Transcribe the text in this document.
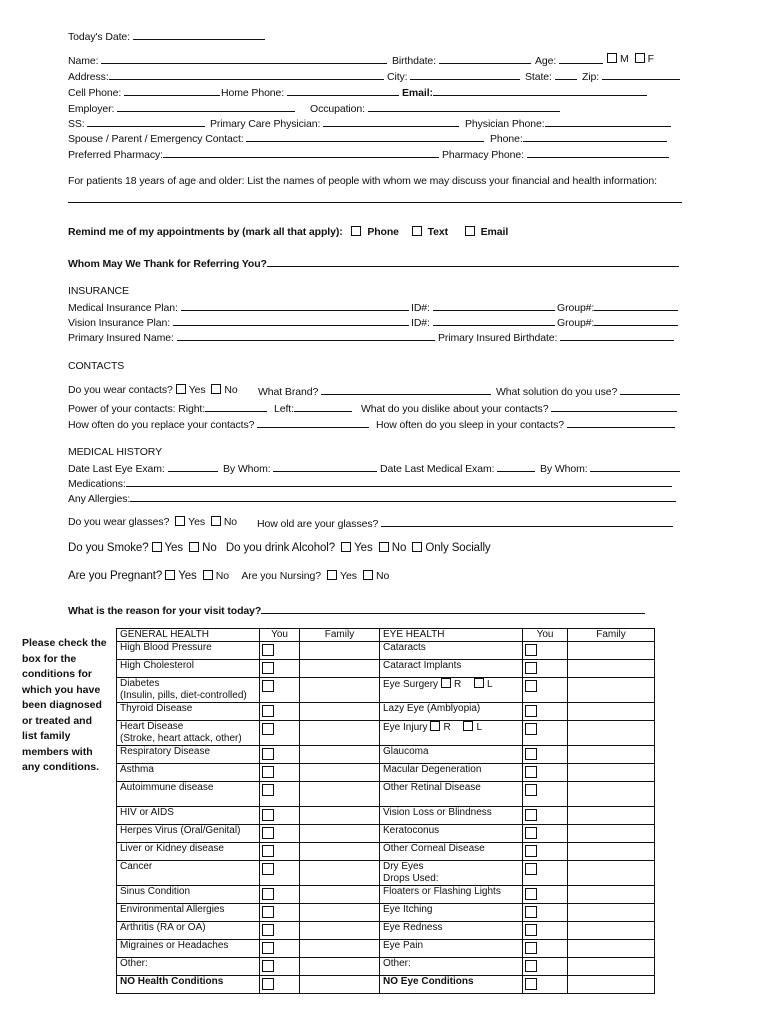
Today's Date:
Name:	Birthdate:	Age:	M F
Address:	City:	State:	Zip:
Cell Phone:	Home Phone:	Email:
Employer:	Occupation:
SS:	Primary Care Physician:	Physician Phone:
Spouse / Parent / Emergency Contact:	Phone:
Preferred Pharmacy:	Pharmacy Phone:
For patients 18 years of age and older: List the names of people with whom we may discuss your financial and health information:
Remind me of my appointments by (mark all that apply): Phone	Text	Email
Whom May We Thank for Referring You?
INSURANCE
Medical Insurance Plan:	ID#:	Group#:
Vision Insurance Plan:	ID#:	Group#:
Primary Insured Name:	Primary Insured Birthdate:
CONTACTS
Do you wear contacts? Yes No What Brand?	What solution do you use?
Power of your contacts: Right:	Left:	What do you dislike about your contacts?
How often do you replace your contacts?	How often do you sleep in your contacts?
MEDICAL HISTORY
Date Last Eye Exam:	By Whom:	Date Last Medical Exam:	By Whom:
Medications:
Any Allergies:
Do you wear glasses? Yes No How old are your glasses?
Do you Smoke? Yes No Do you drink Alcohol? Yes No Only Socially
Are you Pregnant? Yes No Are you Nursing? Yes No
What is the reason for your visit today?
Please check the
box for the
conditions for
which you have
been diagnosed
or treated and
list family
members with
any conditions.
GENERAL HEALTH	You	Family	EYE HEALTH	You	Family

High Blood Pressure			Cataracts		

High Cholesterol			Cataract Implants		

Diabetes
(Insulin, pills, diet-controlled)			Eye Surgery R L		

Thyroid Disease			Lazy Eye (Amblyopia)		

Heart Disease
(Stroke, heart attack, other)			Eye Injury R L		

Respiratory Disease			Glaucoma		

Asthma			Macular Degeneration		

Autoimmune disease			Other Retinal Disease		

HIV or AIDS			Vision Loss or Blindness		

Herpes Virus (Oral/Genital)			Keratoconus		

Liver or Kidney disease			Other Corneal Disease		

Cancer			Dry Eyes
Drops Used:		

Sinus Condition			Floaters or Flashing Lights		

Environmental Allergies			Eye Itching		

Arthritis (RA or OA)			Eye Redness		

Migraines or Headaches			Eye Pain		

Other:			Other:		

NO Health Conditions			NO Eye Conditions		
